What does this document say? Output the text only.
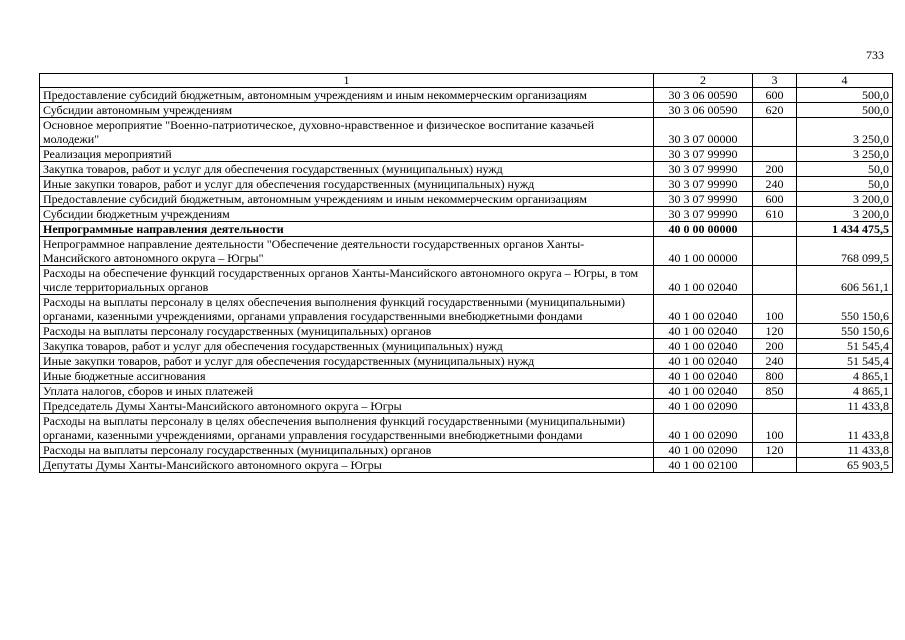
733
1	2	3	4
Предоставление субсидий бюджетным, автономным учреждениям и иным некоммерческим организациям	30 3 06 00590	600	500,0
Субсидии автономным учреждениям	30 3 06 00590	620	500,0
Основное мероприятие "Военно-патриотическое, духовно-нравственное и физическое воспитание казачьей молодежи"	30 3 07 00000		3 250,0
Реализация мероприятий	30 3 07 99990		3 250,0
Закупка товаров, работ и услуг для обеспечения государственных (муниципальных) нужд	30 3 07 99990	200	50,0
Иные закупки товаров, работ и услуг для обеспечения государственных (муниципальных) нужд	30 3 07 99990	240	50,0
Предоставление субсидий бюджетным, автономным учреждениям и иным некоммерческим организациям	30 3 07 99990	600	3 200,0
Субсидии бюджетным учреждениям	30 3 07 99990	610	3 200,0
Непрограммные направления деятельности	40 0 00 00000		1 434 475,5
Непрограммное направление деятельности "Обеспечение деятельности государственных органов Ханты-Мансийского автономного округа – Югры"	40 1 00 00000		768 099,5
Расходы на обеспечение функций государственных органов Ханты-Мансийского автономного округа – Югры, в том числе территориальных органов	40 1 00 02040		606 561,1
Расходы на выплаты персоналу в целях обеспечения выполнения функций государственными (муниципальными) органами, казенными учреждениями, органами управления государственными внебюджетными фондами	40 1 00 02040	100	550 150,6
Расходы на выплаты персоналу государственных (муниципальных) органов	40 1 00 02040	120	550 150,6
Закупка товаров, работ и услуг для обеспечения государственных (муниципальных) нужд	40 1 00 02040	200	51 545,4
Иные закупки товаров, работ и услуг для обеспечения государственных (муниципальных) нужд	40 1 00 02040	240	51 545,4
Иные бюджетные ассигнования	40 1 00 02040	800	4 865,1
Уплата налогов, сборов и иных платежей	40 1 00 02040	850	4 865,1
Председатель Думы Ханты-Мансийского автономного округа – Югры	40 1 00 02090		11 433,8
Расходы на выплаты персоналу в целях обеспечения выполнения функций государственными (муниципальными) органами, казенными учреждениями, органами управления государственными внебюджетными фондами	40 1 00 02090	100	11 433,8
Расходы на выплаты персоналу государственных (муниципальных) органов	40 1 00 02090	120	11 433,8
Депутаты Думы Ханты-Мансийского автономного округа – Югры	40 1 00 02100		65 903,5
